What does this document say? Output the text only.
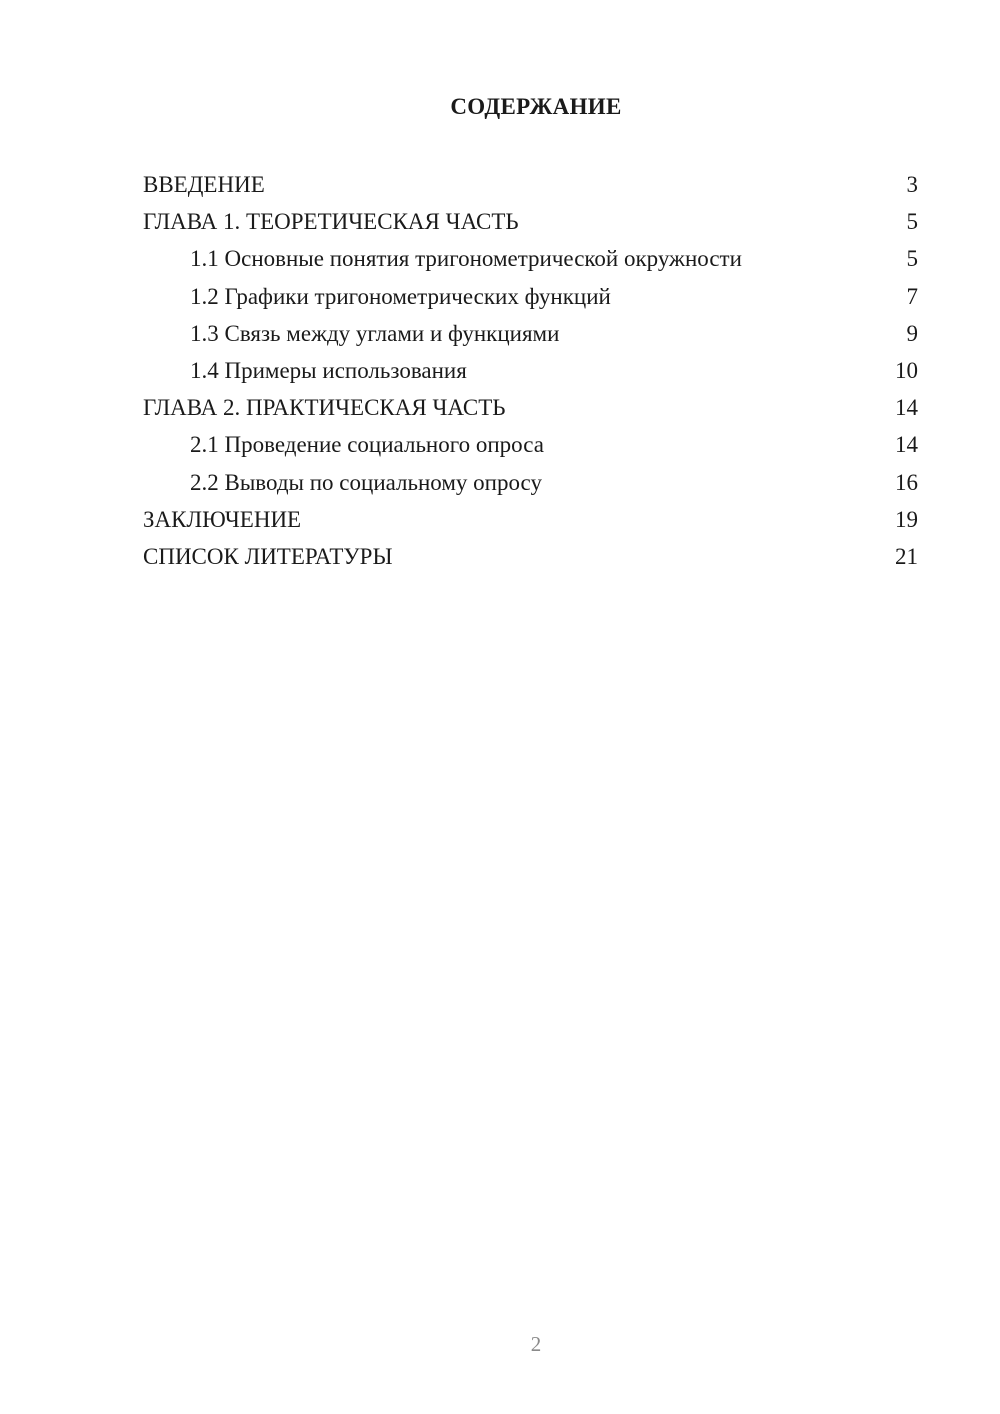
СОДЕРЖАНИЕ
ВВЕДЕНИЕ	3
ГЛАВА 1. ТЕОРЕТИЧЕСКАЯ ЧАСТЬ	5
1.1 Основные понятия тригонометрической окружности	5
1.2 Графики тригонометрических функций	7
1.3 Связь между углами и функциями	9
1.4 Примеры использования	10
ГЛАВА 2. ПРАКТИЧЕСКАЯ ЧАСТЬ	14
2.1 Проведение социального опроса	14
2.2 Выводы по социальному опросу	16
ЗАКЛЮЧЕНИЕ	19
СПИСОК ЛИТЕРАТУРЫ	21
2
